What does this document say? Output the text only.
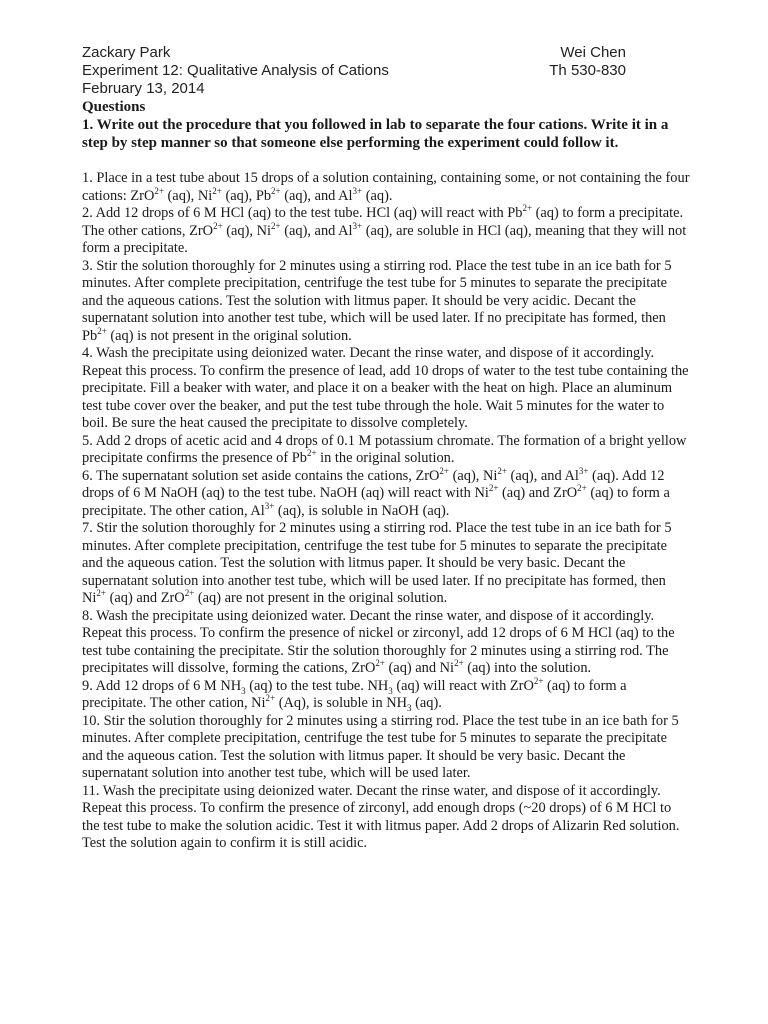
Zackary Park
Experiment 12: Qualitative Analysis of Cations
February 13, 2014
Wei Chen
Th 530-830
Questions
1. Write out the procedure that you followed in lab to separate the four cations. Write it in a step by step manner so that someone else performing the experiment could follow it.

1. Place in a test tube about 15 drops of a solution containing, containing some, or not containing the four cations: ZrO$^{2+}$ (aq), $Ni^{2+}$ (aq), $Pb^{2+}$ (aq), and $Al^{3+}$ (aq).

2. Add 12 drops of 6 M HCl (aq) to the test tube. HCl (aq) will react with $Pb^{2+}$ (aq) to form a precipitate. The other cations, ZrO$^{2+}$ (aq), $Ni^{2+}$ (aq), and $Al^{3+}$ (aq), are soluble in HCl (aq), meaning that they will not form a precipitate.

3. Stir the solution thoroughly for 2 minutes using a stirring rod. Place the test tube in an ice bath for 5 minutes. After complete precipitation, centrifuge the test tube for 5 minutes to separate the precipitate and the aqueous cations. Test the solution with litmus paper. It should be very acidic. Decant the supernatant solution into another test tube, which will be used later. If no precipitate has formed, then $Pb^{2+}$ (aq) is not present in the original solution.

4. Wash the precipitate using deionized water. Decant the rinse water, and dispose of it accordingly. Repeat this process. To confirm the presence of lead, add 10 drops of water to the test tube containing the precipitate. Fill a beaker with water, and place it on a beaker with the heat on high. Place an aluminum test tube cover over the beaker, and put the test tube through the hole. Wait 5 minutes for the water to boil. Be sure the heat caused the precipitate to dissolve completely.

5. Add 2 drops of acetic acid and 4 drops of 0.1 M potassium chromate. The formation of a bright yellow precipitate confirms the presence of $Pb^{2+}$ in the original solution.

6. The supernatant solution set aside contains the cations, ZrO$^{2+}$ (aq), $Ni^{2+}$ (aq), and $Al^{3+}$ (aq). Add 12 drops of 6 M NaOH (aq) to the test tube. NaOH (aq) will react with $Ni^{2+}$ (aq) and ZrO$^{2+}$ (aq) to form a precipitate. The other cation, $Al^{3+}$ (aq), is soluble in NaOH (aq).

7. Stir the solution thoroughly for 2 minutes using a stirring rod. Place the test tube in an ice bath for 5 minutes. After complete precipitation, centrifuge the test tube for 5 minutes to separate the precipitate and the aqueous cation. Test the solution with litmus paper. It should be very basic. Decant the supernatant solution into another test tube, which will be used later. If no precipitate has formed, then $Ni^{2+}$ (aq) and ZrO$^{2+}$ (aq) are not present in the original solution.

8. Wash the precipitate using deionized water. Decant the rinse water, and dispose of it accordingly. Repeat this process. To confirm the presence of nickel or zirconyl, add 12 drops of 6 M HCl (aq) to the test tube containing the precipitate. Stir the solution thoroughly for 2 minutes using a stirring rod. The precipitates will dissolve, forming the cations, ZrO$^{2+}$ (aq) and $Ni^{2+}$ (aq) into the solution.

9. Add 12 drops of 6 M $NH_3$ (aq) to the test tube. $NH_3$ (aq) will react with ZrO$^{2+}$ (aq) to form a precipitate. The other cation, $Ni^{2+}$ (Aq), is soluble in $NH_3$ (aq).

10. Stir the solution thoroughly for 2 minutes using a stirring rod. Place the test tube in an ice bath for 5 minutes. After complete precipitation, centrifuge the test tube for 5 minutes to separate the precipitate and the aqueous cation. Test the solution with litmus paper. It should be very basic. Decant the supernatant solution into another test tube, which will be used later.

11. Wash the precipitate using deionized water. Decant the rinse water, and dispose of it accordingly. Repeat this process. To confirm the presence of zirconyl, add enough drops (~20 drops) of 6 M HCl to the test tube to make the solution acidic. Test it with litmus paper. Add 2 drops of Alizarin Red solution. Test the solution again to confirm it is still acidic.
